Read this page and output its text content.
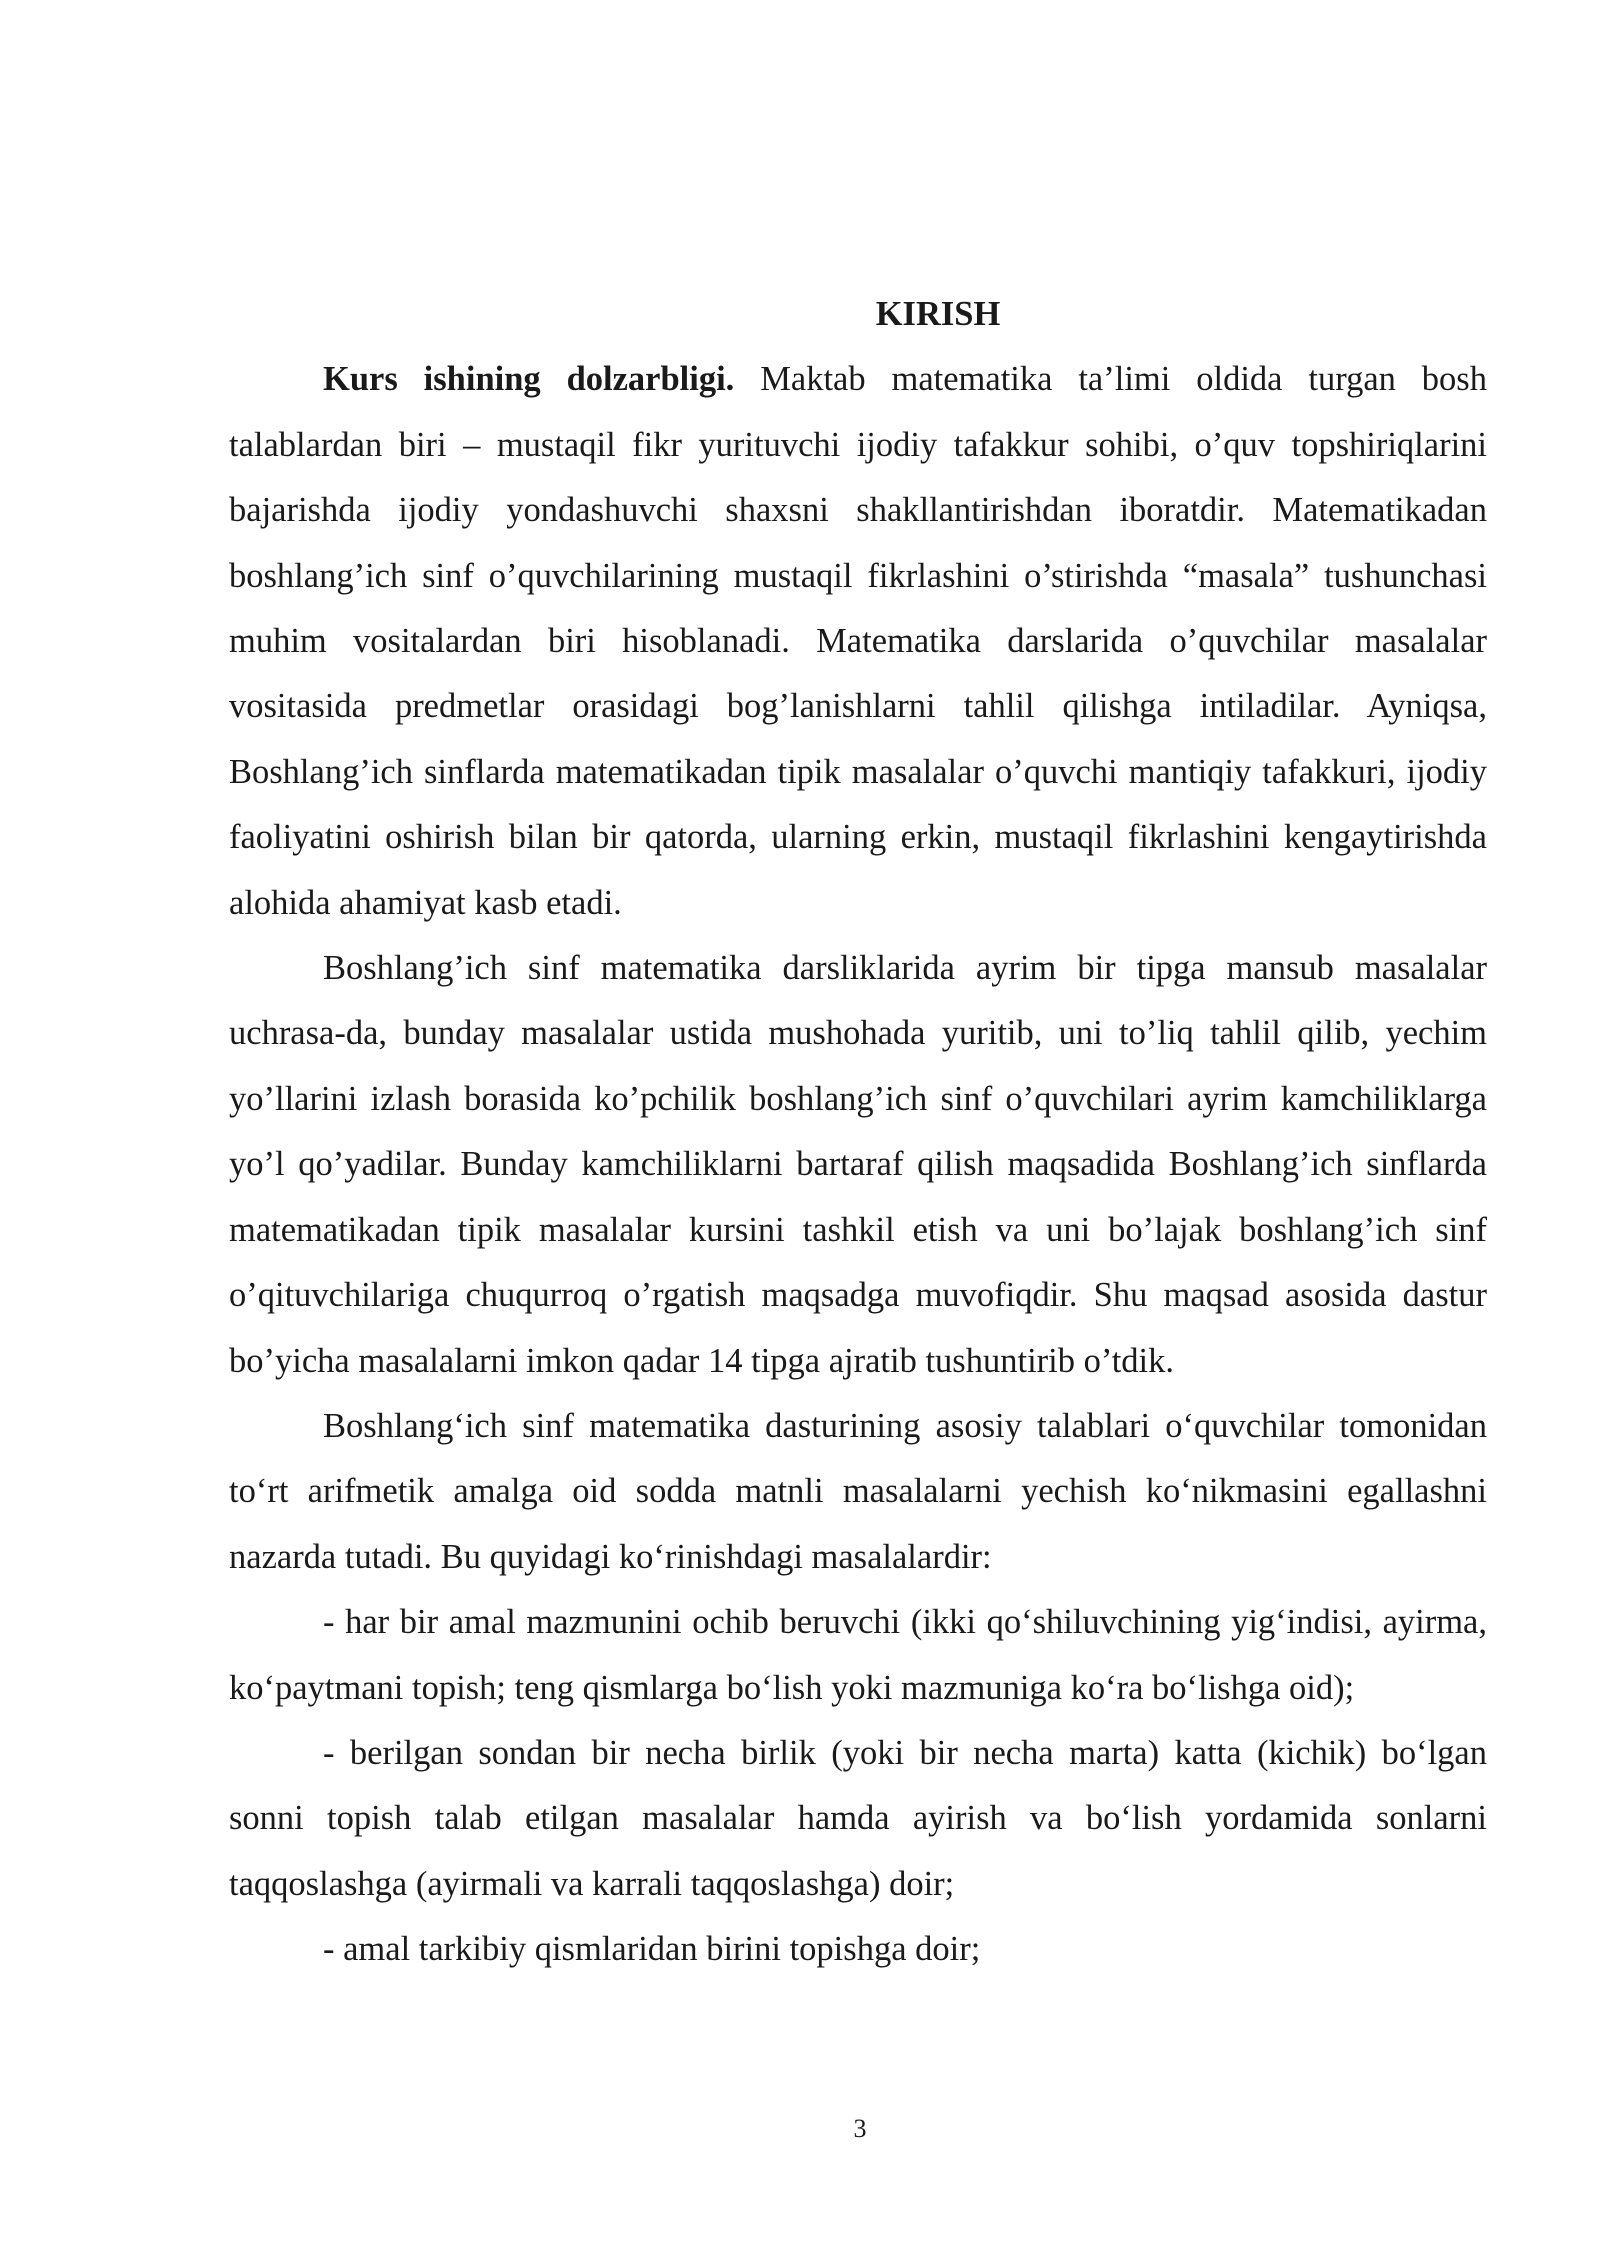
KIRISH

Kurs ishining dolzarbligi. Maktab matematika ta’limi oldida turgan bosh talablardan biri – mustaqil fikr yurituvchi ijodiy tafakkur sohibi, o’quv topshiriqlarini bajarishda ijodiy yondashuvchi shaxsni shakllantirishdan iboratdir. Matematikadan boshlang’ich sinf o’quvchilarining mustaqil fikrlashini o’stirishda “masala” tushunchasi muhim vositalardan biri hisoblanadi. Matematika darslarida o’quvchilar masalalar vositasida predmetlar orasidagi bog’lanishlarni tahlil qilishga intiladilar. Ayniqsa, Boshlang’ich sinflarda matematikadan tipik masalalar o’quvchi mantiqiy tafakkuri, ijodiy faoliyatini oshirish bilan bir qatorda, ularning erkin, mustaqil fikrlashini kengaytirishda alohida ahamiyat kasb etadi.

Boshlang’ich sinf matematika darsliklarida ayrim bir tipga mansub masalalar uchrasa-da, bunday masalalar ustida mushohada yuritib, uni to’liq tahlil qilib, yechim yo’llarini izlash borasida ko’pchilik boshlang’ich sinf o’quvchilari ayrim kamchiliklarga yo’l qo’yadilar. Bunday kamchiliklarni bartaraf qilish maqsadida Boshlang’ich sinflarda matematikadan tipik masalalar kursini tashkil etish va uni bo’lajak boshlang’ich sinf o’qituvchilariga chuqurroq o’rgatish maqsadga muvofiqdir. Shu maqsad asosida dastur bo’yicha masalalarni imkon qadar 14 tipga ajratib tushuntirib o’tdik.

Boshlang‘ich sinf matematika dasturining asosiy talablari o‘quvchilar tomonidan to‘rt arifmetik amalga oid sodda matnli masalalarni yechish ko‘nikmasini egallashni nazarda tutadi. Bu quyidagi ko‘rinishdagi masalalardir:

- har bir amal mazmunini ochib beruvchi (ikki qo‘shiluvchining yig‘indisi, ayirma, ko‘paytmani topish; teng qismlarga bo‘lish yoki mazmuniga ko‘ra bo‘lishga oid);

- berilgan sondan bir necha birlik (yoki bir necha marta) katta (kichik) bo‘lgan sonni topish talab etilgan masalalar hamda ayirish va bo‘lish yordamida sonlarni taqqoslashga (ayirmali va karrali taqqoslashga) doir;

- amal tarkibiy qismlaridan birini topishga doir;

3
